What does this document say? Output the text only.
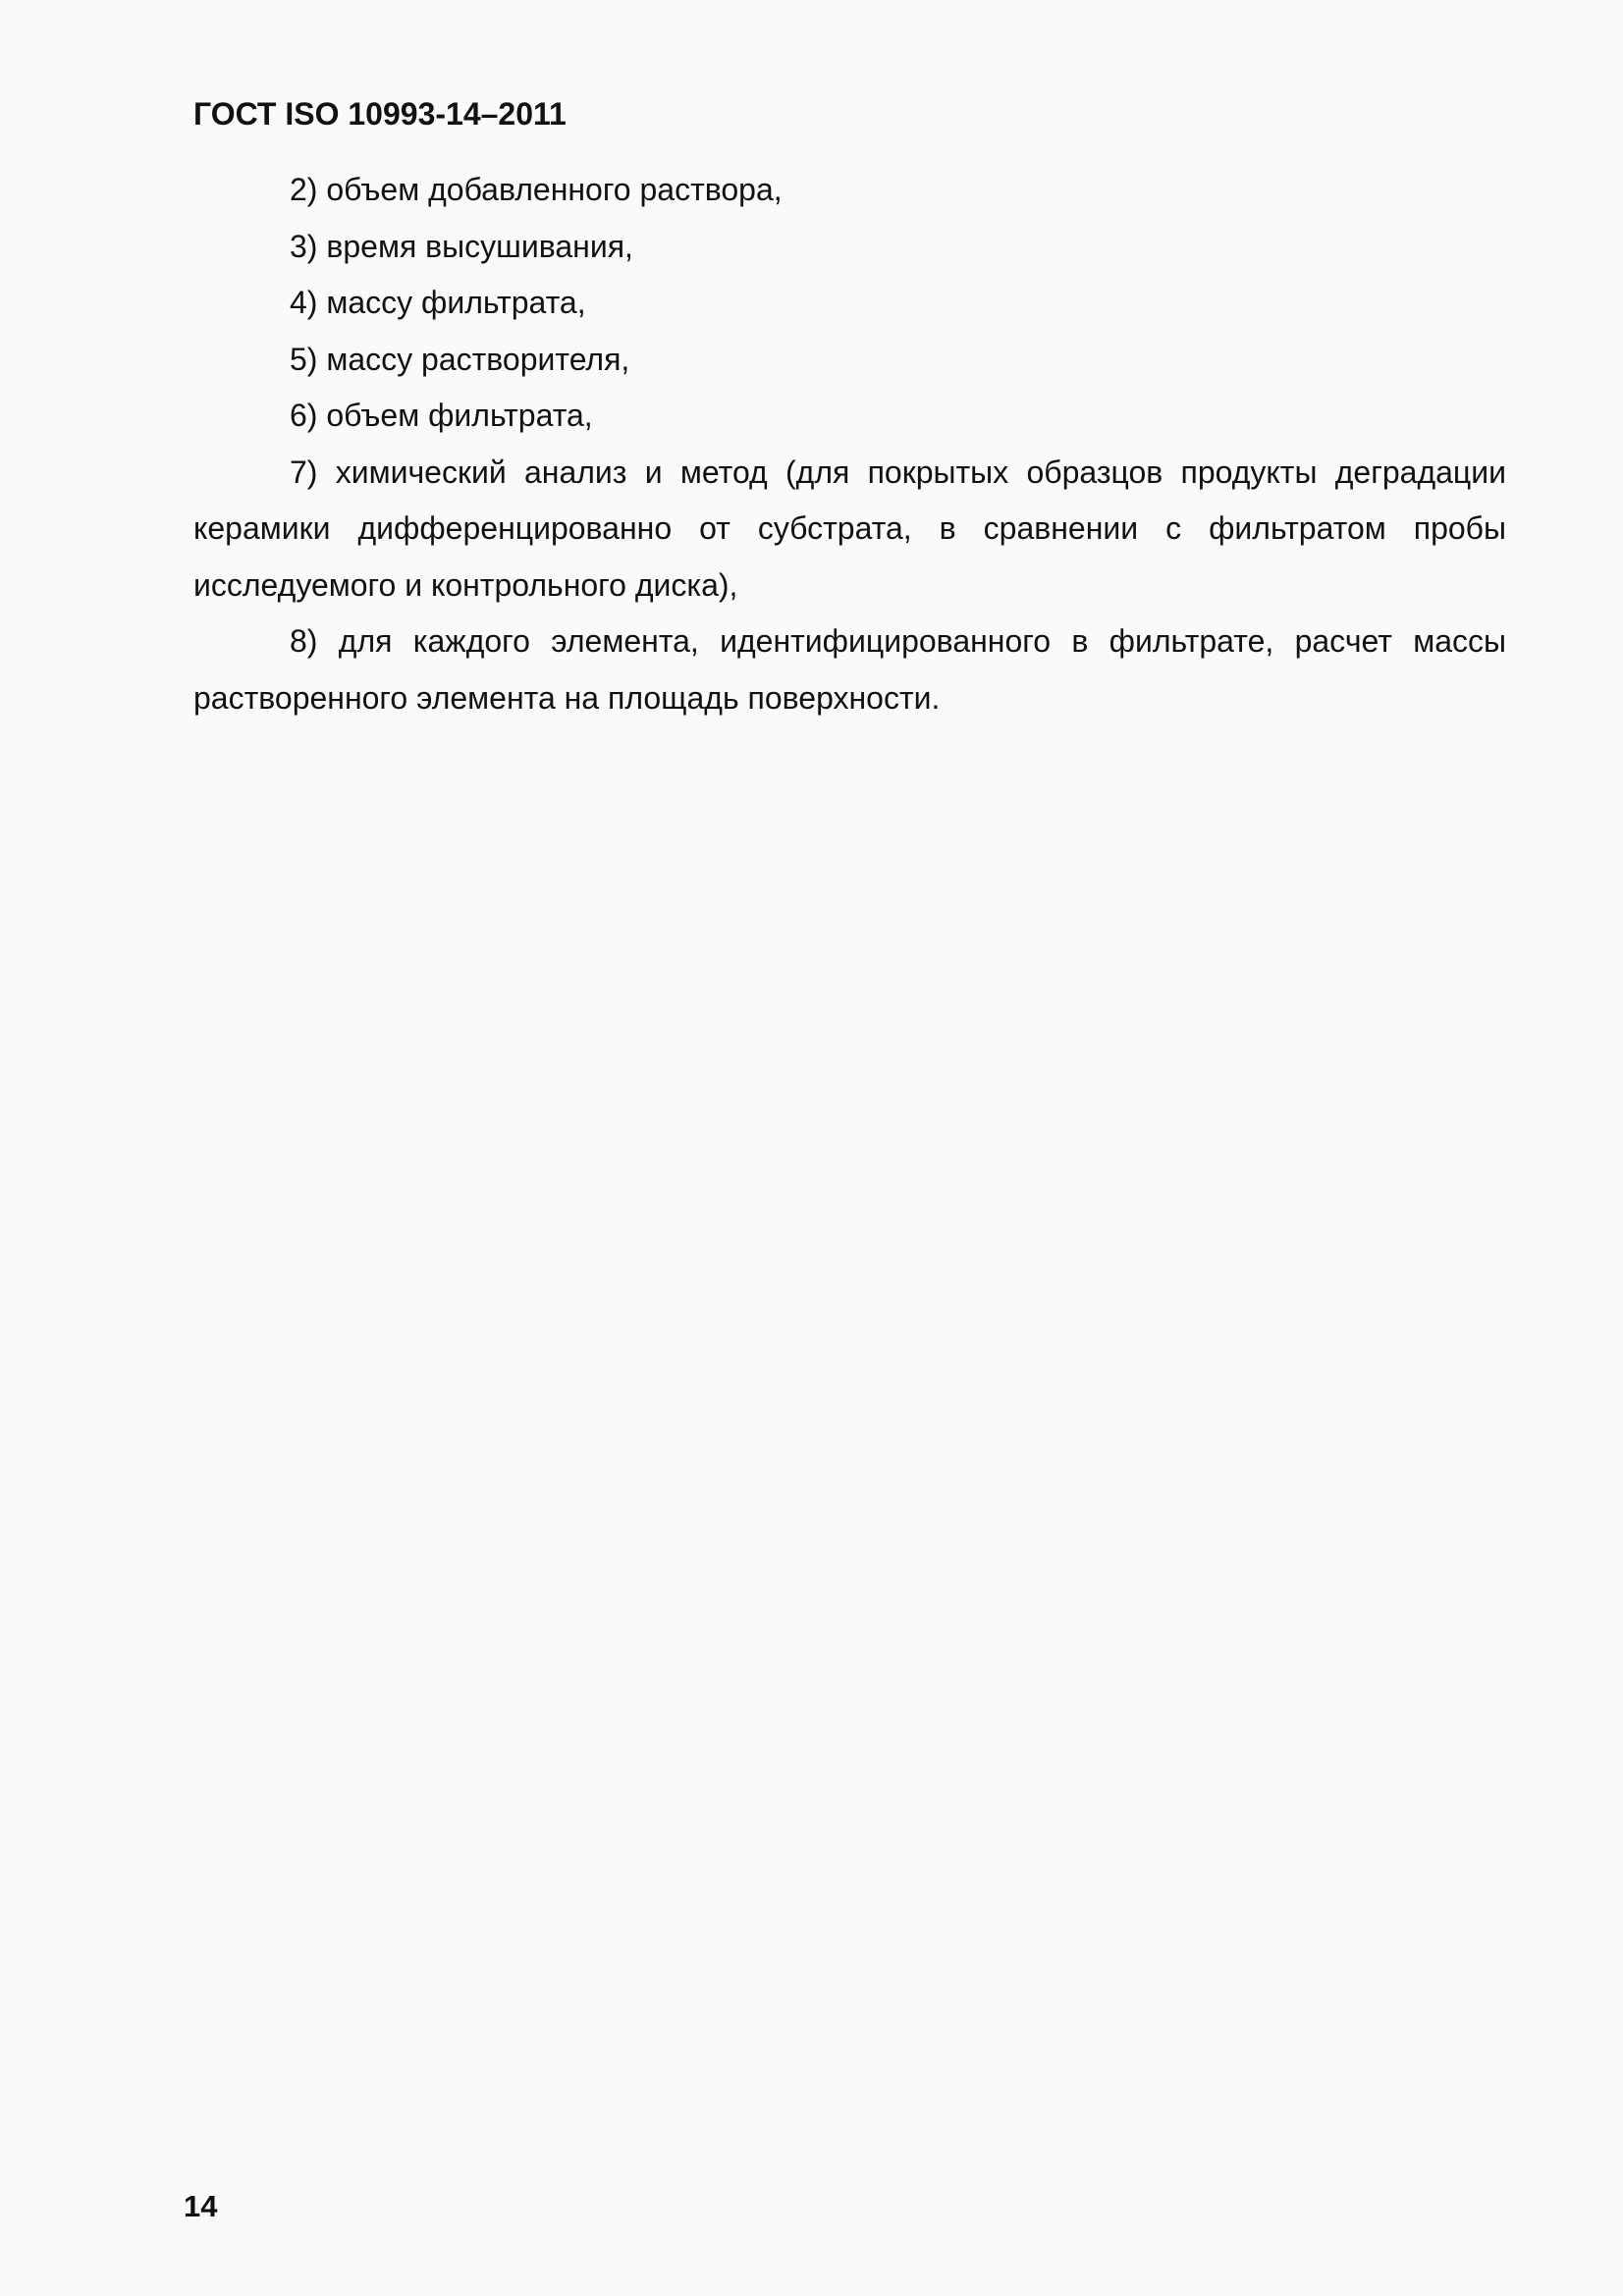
ГОСТ ISO 10993-14–2011

2) объем добавленного раствора,

3) время высушивания,

4) массу фильтрата,

5) массу растворителя,

6) объем фильтрата,

7) химический анализ и метод (для покрытых образцов продукты деградации керамики дифференцированно от субстрата, в сравнении с фильтратом пробы исследуемого и контрольного диска),

8) для каждого элемента, идентифицированного в фильтрате, расчет массы растворенного элемента на площадь поверхности.

14
